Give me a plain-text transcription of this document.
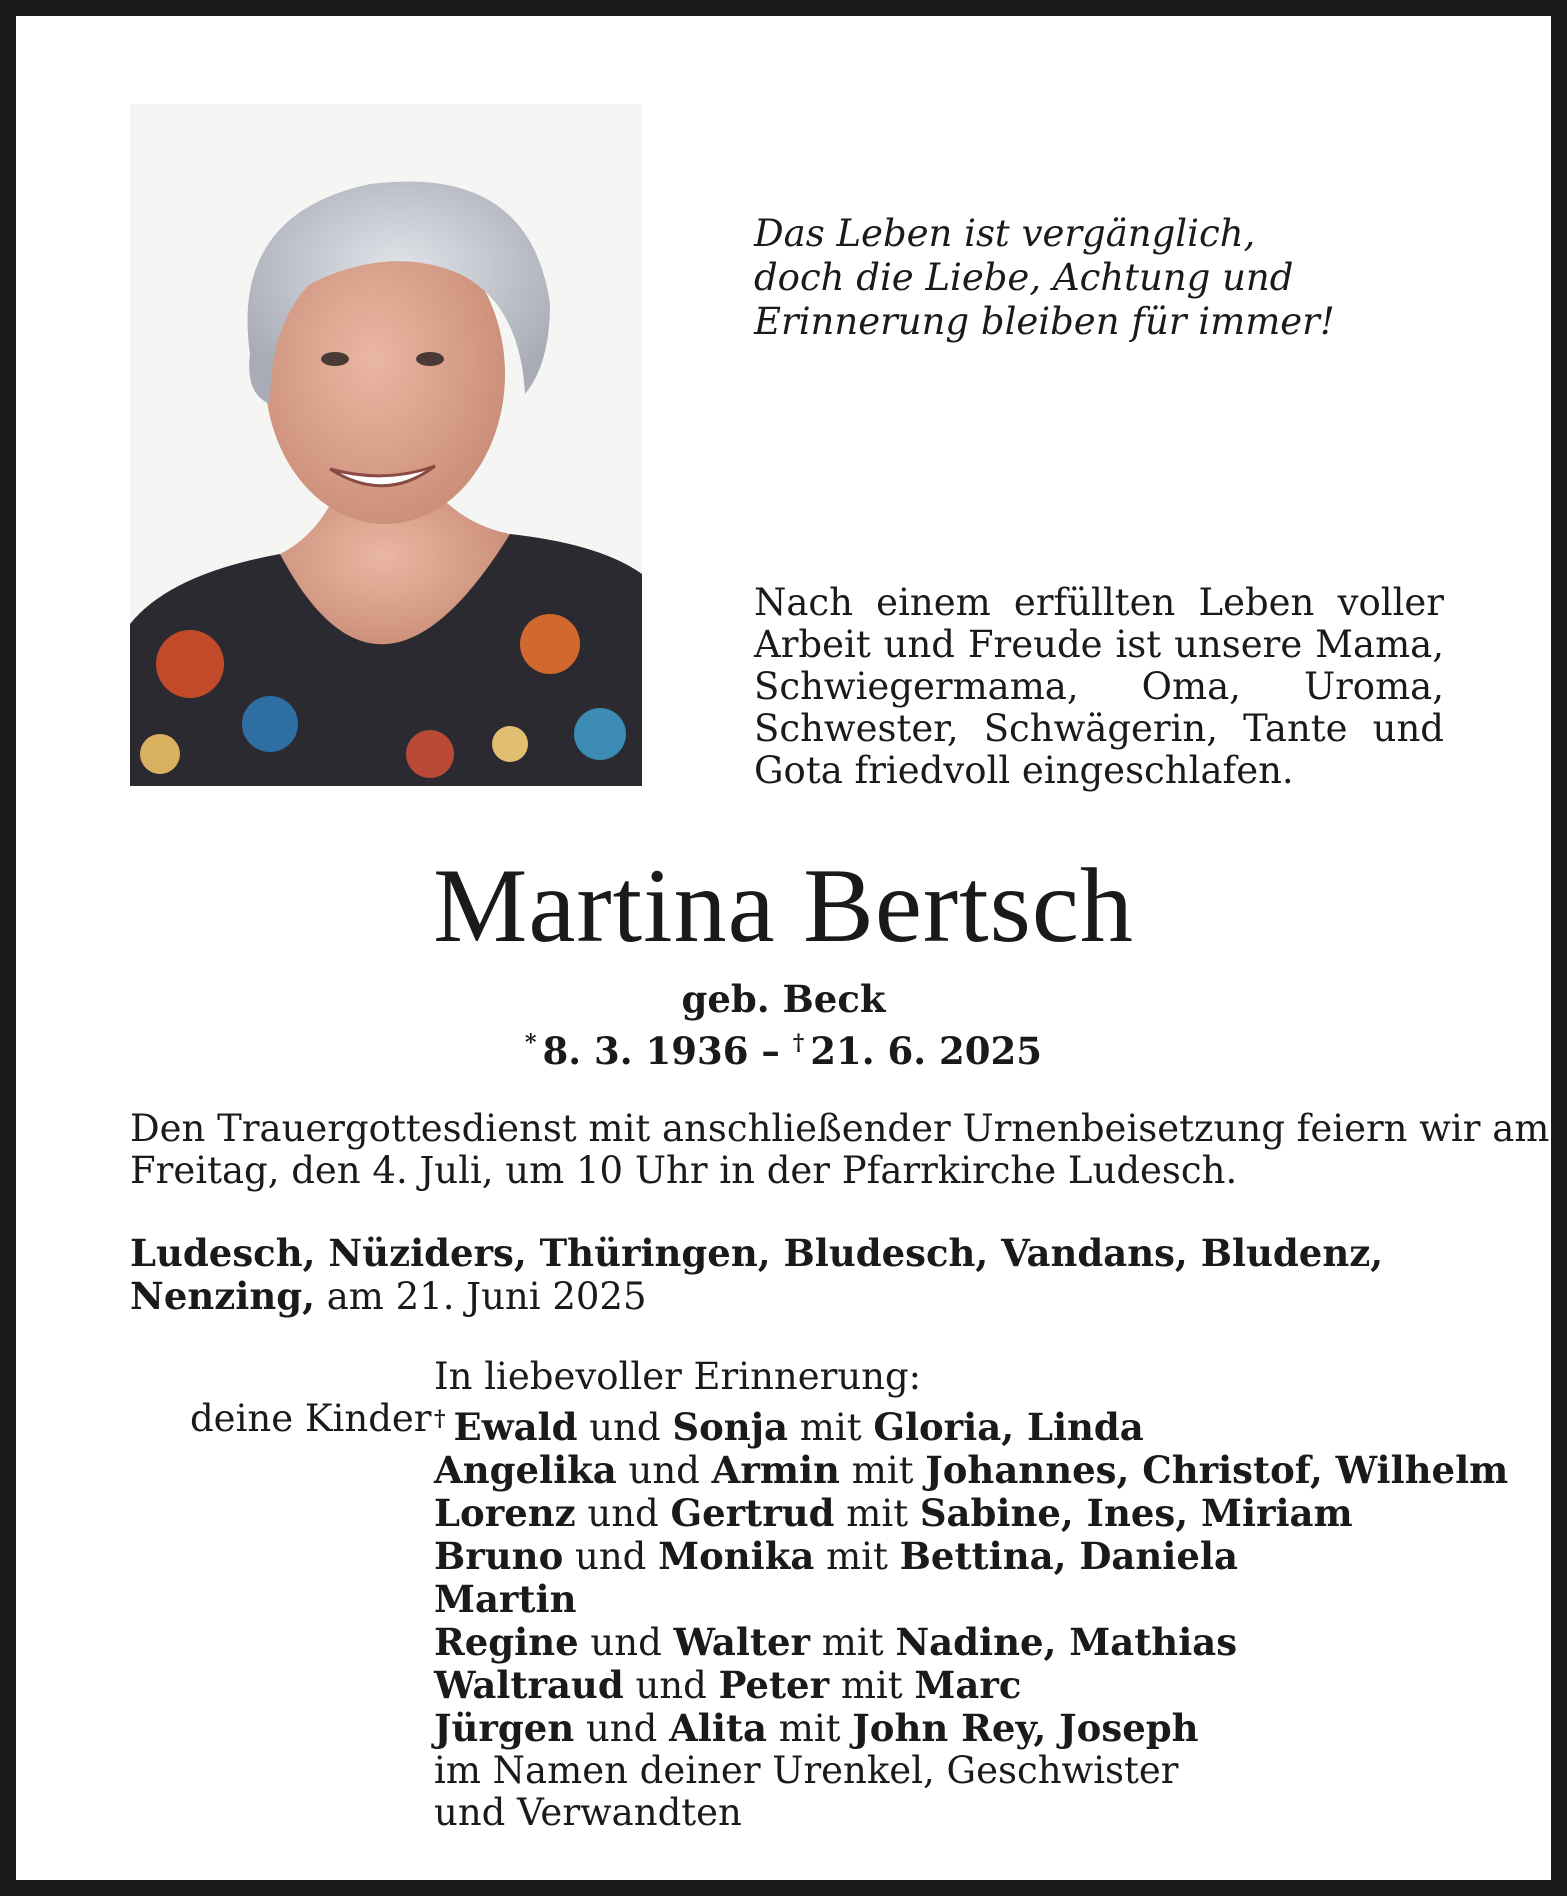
Das Leben ist vergänglich,
doch die Liebe, Achtung und
Erinnerung bleiben für immer!
Nach einem erfüllten Leben voller Arbeit und Freude ist unsere Mama, Schwiegermama, Oma, Uroma, Schwester, Schwägerin, Tante und Gota friedvoll eingeschlafen.
Martina Bertsch
geb. Beck
* 8. 3. 1936 – † 21. 6. 2025
Den Trauergottesdienst mit anschließender Urnenbeisetzung feiern wir am
Freitag, den 4. Juli, um 10 Uhr in der Pfarrkirche Ludesch.
Ludesch, Nüziders, Thüringen, Bludesch, Vandans, Bludenz,
Nenzing, am 21. Juni 2025
In liebevoller Erinnerung:
deine Kinder † Ewald und Sonja mit Gloria, Linda
Angelika und Armin mit Johannes, Christof, Wilhelm
Lorenz und Gertrud mit Sabine, Ines, Miriam
Bruno und Monika mit Bettina, Daniela
Martin
Regine und Walter mit Nadine, Mathias
Waltraud und Peter mit Marc
Jürgen und Alita mit John Rey, Joseph
im Namen deiner Urenkel, Geschwister
und Verwandten
